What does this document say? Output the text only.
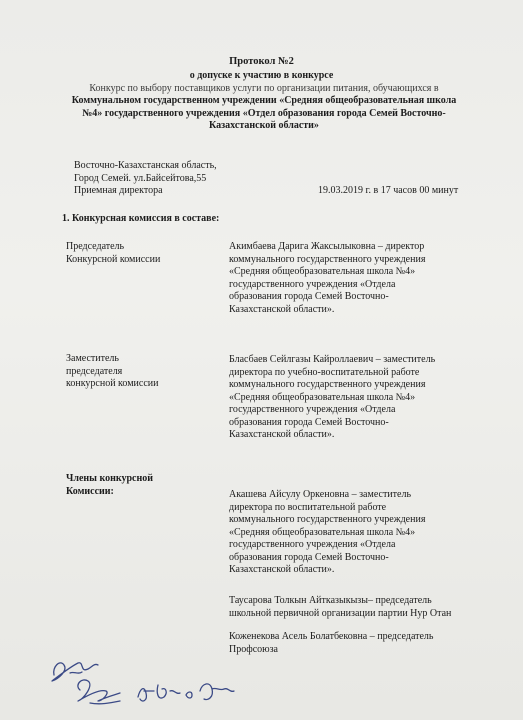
Протокол №2
о допуске к участию в конкурсе
Конкурс по выбору поставщиков услуги по организации питания, обучающихся в
Коммунальном государственном учреждении «Средняя общеобразовательная школа
№4» государственного учреждения «Отдел образования города Семей Восточно-
Казахстанской области»
Восточно-Казахстанская область,
Город Семей. ул.Байсейтова,55
Приемная директора	19.03.2019 г. в 17 часов 00 минут
1. Конкурсная комиссия в составе:
Председатель
Конкурсной комиссии
Акимбаева Дарига Жаксылыковна – директор
коммунального государственного учреждения
«Средняя общеобразовательная школа №4»
государственного учреждения «Отдела
образования города Семей Восточно-
Казахстанской области».
Заместитель
председателя
конкурсной комиссии
Бласбаев Сейлгазы Кайроллаевич – заместитель
директора по учебно-воспитательной работе
коммунального государственного учреждения
«Средняя общеобразовательная школа №4»
государственного учреждения «Отдела
образования города Семей Восточно-
Казахстанской области».
Члены конкурсной
Комиссии:	Акашева Айсулу Оркеновна – заместитель
директора по воспитательной работе
коммунального государственного учреждения
«Средняя общеобразовательная школа №4»
государственного учреждения «Отдела
образования города Семей Восточно-
Казахстанской области».
Таусарова Толкын Айтказыкызы– председатель
школьной первичной организации партии Нур Отан
Коженекова Асель Болатбековна – председатель
Профсоюза
